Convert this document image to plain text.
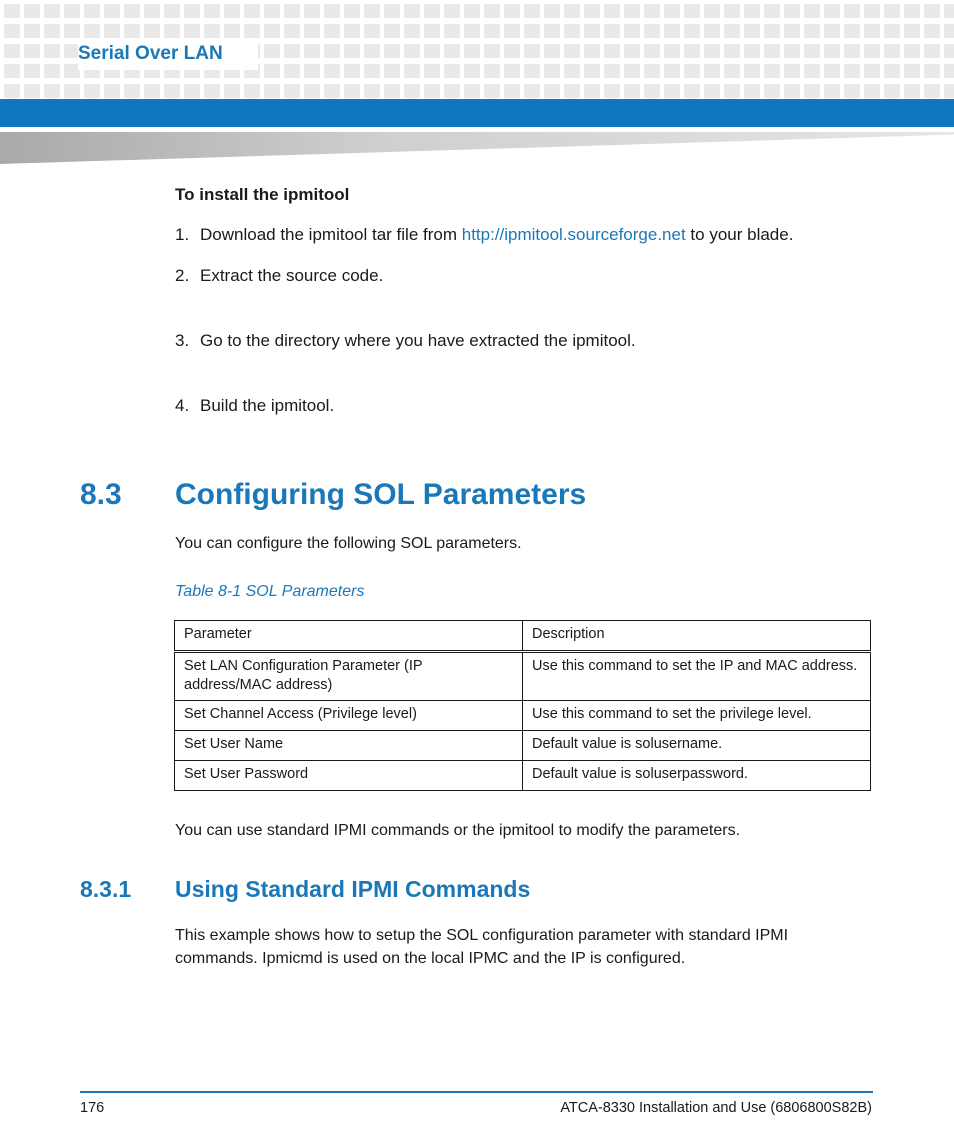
Serial Over LAN
To install the ipmitool
1. Download the ipmitool tar file from http://ipmitool.sourceforge.net to your blade.
2. Extract the source code.
3. Go to the directory where you have extracted the ipmitool.
4. Build the ipmitool.
8.3 Configuring SOL Parameters
You can configure the following SOL parameters.
Table 8-1 SOL Parameters
Parameter	Description
Set LAN Configuration Parameter (IP address/MAC address)	Use this command to set the IP and MAC address.
Set Channel Access (Privilege level)	Use this command to set the privilege level.
Set User Name	Default value is solusername.
Set User Password	Default value is soluserpassword.
You can use standard IPMI commands or the ipmitool to modify the parameters.
8.3.1 Using Standard IPMI Commands
This example shows how to setup the SOL configuration parameter with standard IPMI commands. Ipmicmd is used on the local IPMC and the IP is configured.
176	ATCA-8330 Installation and Use (6806800S82B)
